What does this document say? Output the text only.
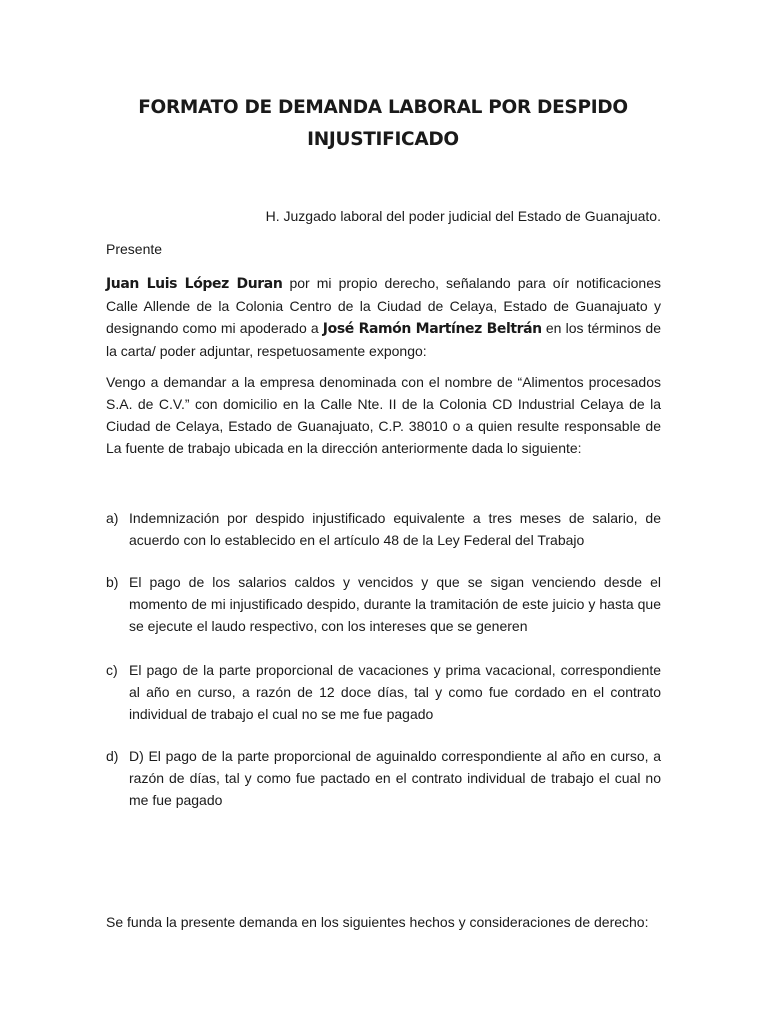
FORMATO DE DEMANDA LABORAL POR DESPIDO
INJUSTIFICADO
H. Juzgado laboral del poder judicial del Estado de Guanajuato.
Presente

Juan Luis López Duran por mi propio derecho, señalando para oír notificaciones Calle Allende de la Colonia Centro de la Ciudad de Celaya, Estado de Guanajuato y designando como mi apoderado a José Ramón Martínez Beltrán en los términos de la carta/ poder adjuntar, respetuosamente expongo:

Vengo a demandar a la empresa denominada con el nombre de “Alimentos procesados S.A. de C.V.” con domicilio en la Calle Nte. II de la Colonia CD Industrial Celaya de la Ciudad de Celaya, Estado de Guanajuato, C.P. 38010 o a quien resulte responsable de La fuente de trabajo ubicada en la dirección anteriormente dada lo siguiente:

a) Indemnización por despido injustificado equivalente a tres meses de salario, de acuerdo con lo establecido en el artículo 48 de la Ley Federal del Trabajo
b) El pago de los salarios caldos y vencidos y que se sigan venciendo desde el momento de mi injustificado despido, durante la tramitación de este juicio y hasta que se ejecute el laudo respectivo, con los intereses que se generen
c) El pago de la parte proporcional de vacaciones y prima vacacional, correspondiente al año en curso, a razón de 12 doce días, tal y como fue cordado en el contrato individual de trabajo el cual no se me fue pagado
d) D) El pago de la parte proporcional de aguinaldo correspondiente al año en curso, a razón de días, tal y como fue pactado en el contrato individual de trabajo el cual no me fue pagado
Se funda la presente demanda en los siguientes hechos y consideraciones de derecho:
